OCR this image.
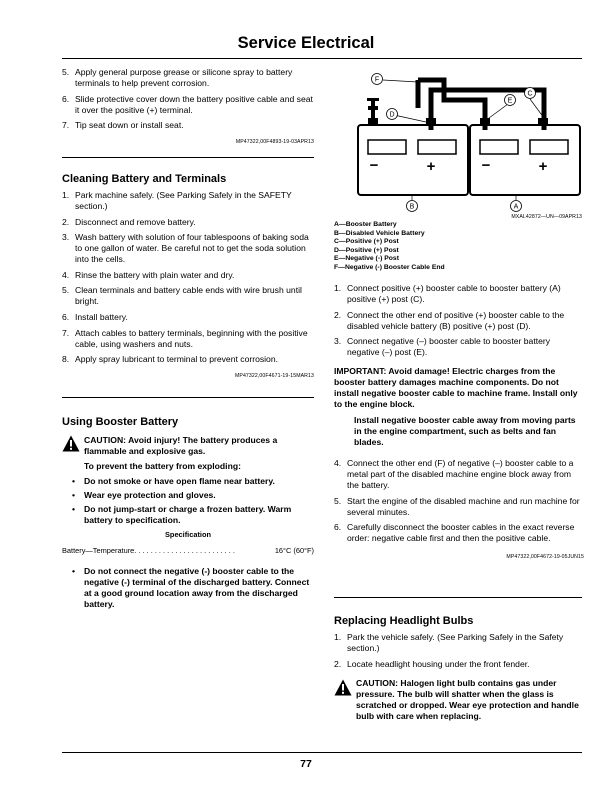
Service Electrical
5. Apply general purpose grease or silicone spray to battery terminals to help prevent corrosion.
6. Slide protective cover down the battery positive cable and seat it over the positive (+) terminal.
7. Tip seat down or install seat.
MP47322,00F4893-19-03APR13
Cleaning Battery and Terminals
1. Park machine safely. (See Parking Safely in the SAFETY section.)
2. Disconnect and remove battery.
3. Wash battery with solution of four tablespoons of baking soda to one gallon of water. Be careful not to get the soda solution into the cells.
4. Rinse the battery with plain water and dry.
5. Clean terminals and battery cable ends with wire brush until bright.
6. Install battery.
7. Attach cables to battery terminals, beginning with the positive cable, using washers and nuts.
8. Apply spray lubricant to terminal to prevent corrosion.
MP47322,00F4671-19-15MAR13
Using Booster Battery
CAUTION: Avoid injury! The battery produces a flammable and explosive gas.
To prevent the battery from exploding:
• Do not smoke or have open flame near battery.
• Wear eye protection and gloves.
• Do not jump-start or charge a frozen battery. Warm battery to specification.
Specification
Battery—Temperature. . . . . . . . . . . . . . . . . . . . . . . . .	16°C (60°F)
• Do not connect the negative (-) booster cable to the negative (-) terminal of the discharged battery. Connect at a good ground location away from the discharged battery.
−	+	−	+
F
D
E
C
B	A
MXAL42872—UN—09APR13
A—Booster Battery
B—Disabled Vehicle Battery
C—Positive (+) Post
D—Positive (+) Post
E—Negative (-) Post
F—Negative (-) Booster Cable End
1. Connect positive (+) booster cable to booster battery (A) positive (+) post (C).
2. Connect the other end of positive (+) booster cable to the disabled vehicle battery (B) positive (+) post (D).
3. Connect negative (–) booster cable to booster battery negative (–) post (E).
IMPORTANT: Avoid damage! Electric charges from the booster battery damages machine components. Do not install negative booster cable to machine frame. Install only to the engine block.
Install negative booster cable away from moving parts in the engine compartment, such as belts and fan blades.
4. Connect the other end (F) of negative (–) booster cable to a metal part of the disabled machine engine block away from the battery.
5. Start the engine of the disabled machine and run machine for several minutes.
6. Carefully disconnect the booster cables in the exact reverse order: negative cable first and then the positive cable.
MP47322,00F4672-19-05JUN15
Replacing Headlight Bulbs
1. Park the vehicle safely. (See Parking Safely in the Safety section.)
2. Locate headlight housing under the front fender.
CAUTION: Halogen light bulb contains gas under pressure. The bulb will shatter when the glass is scratched or dropped. Wear eye protection and handle bulb with care when replacing.
77
